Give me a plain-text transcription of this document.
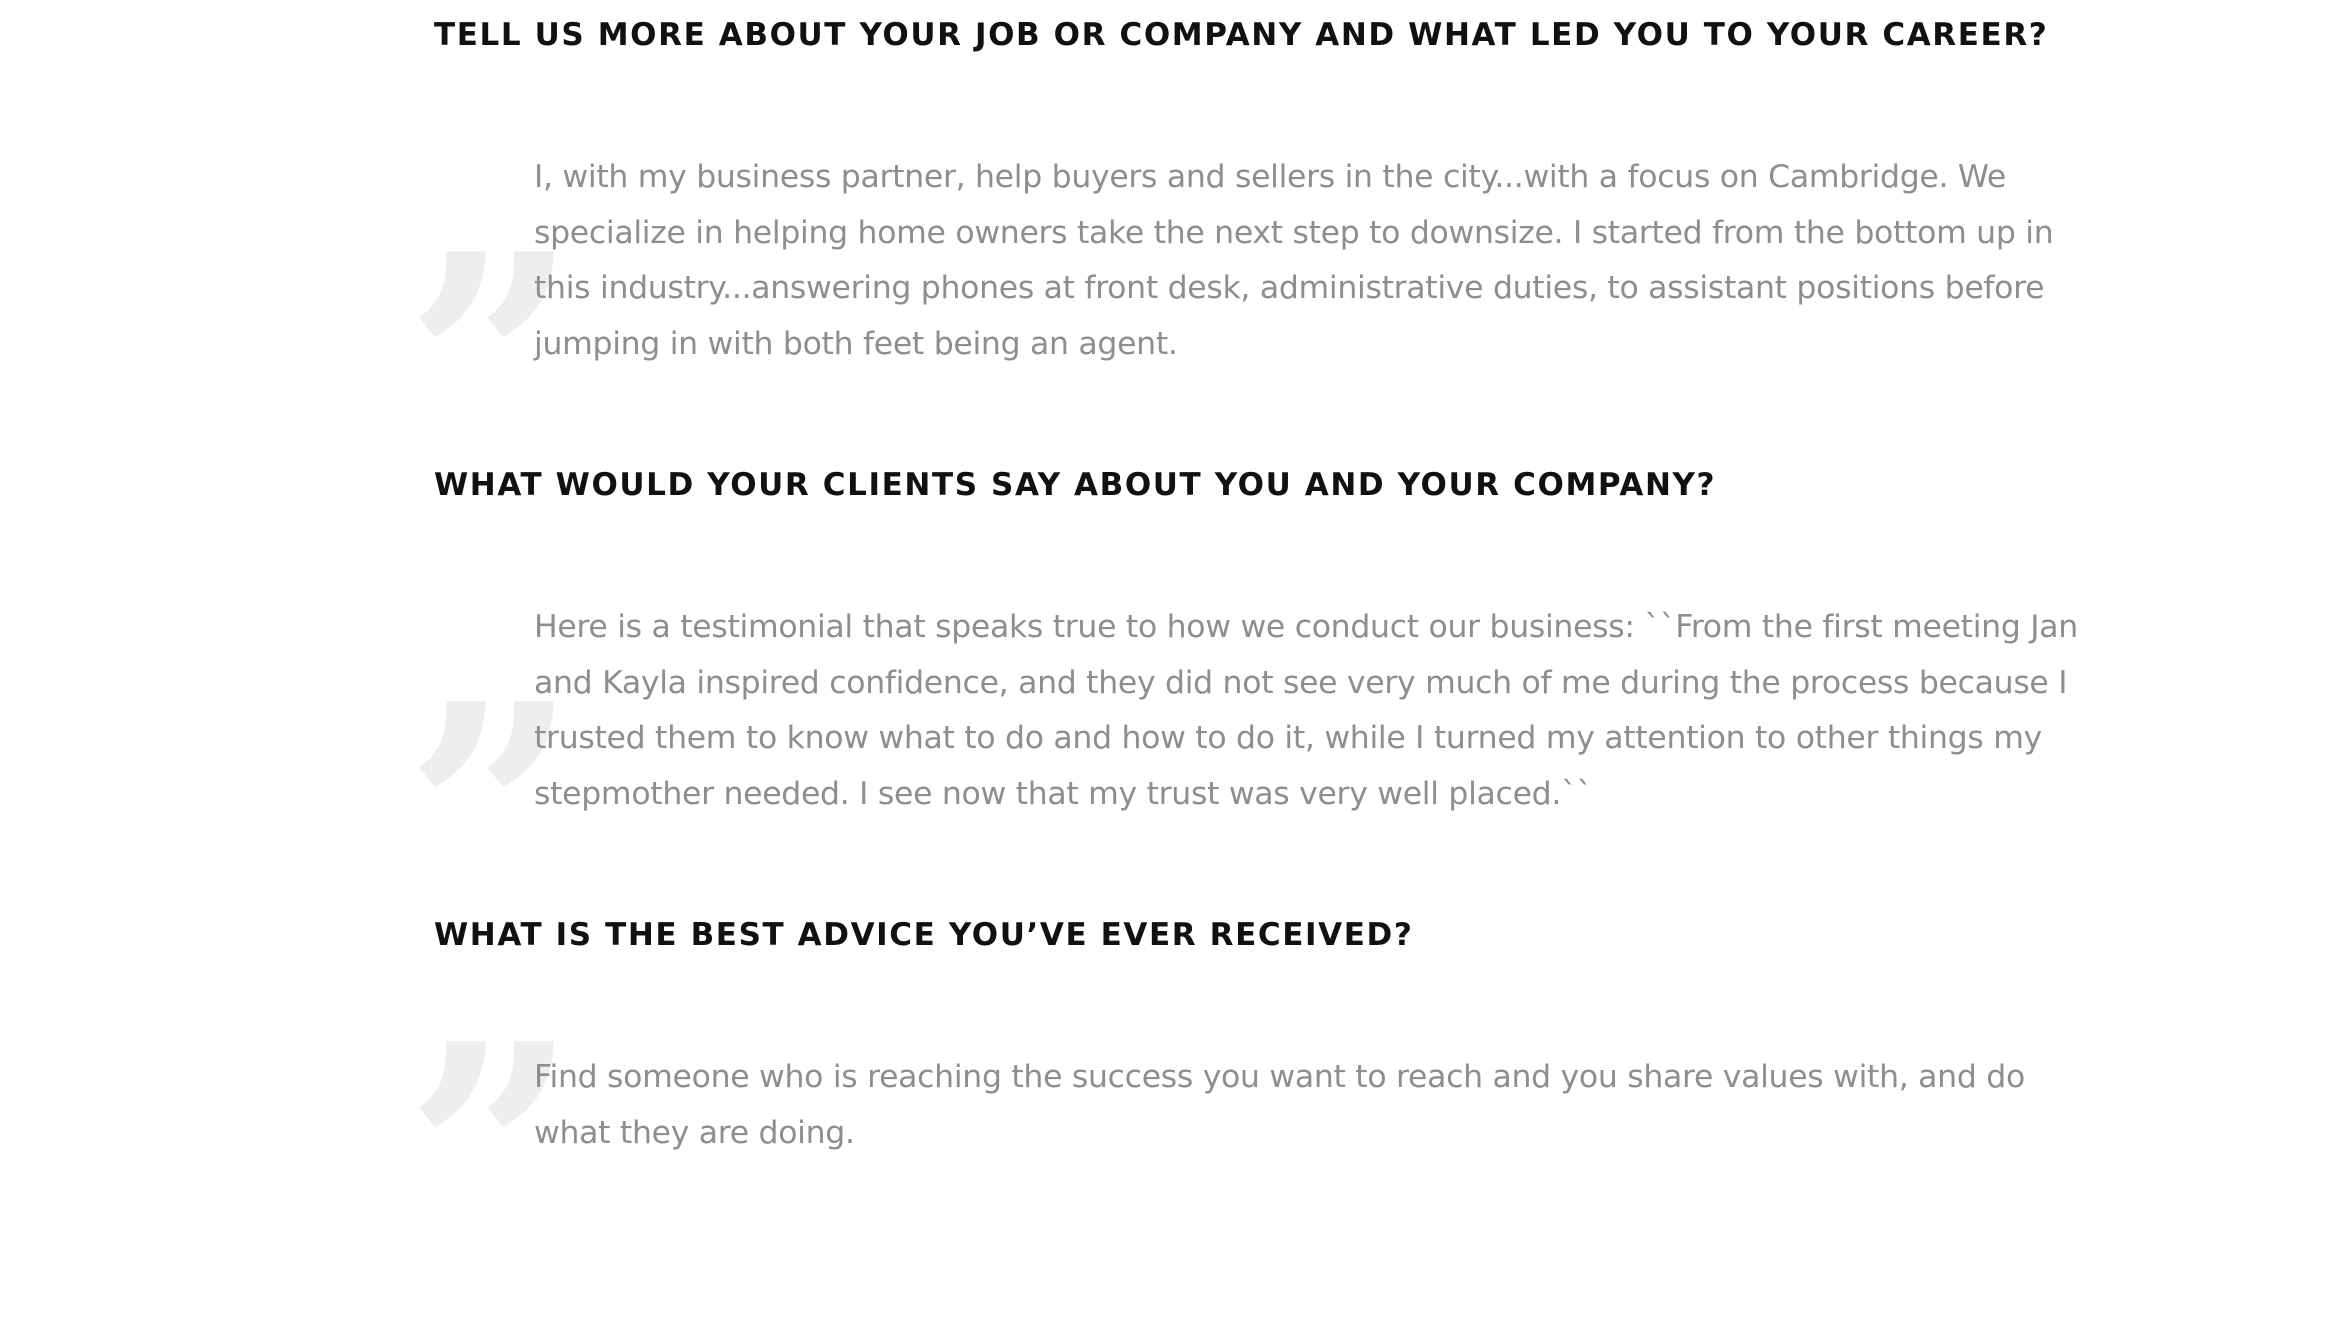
TELL US MORE ABOUT YOUR JOB OR COMPANY AND WHAT LED YOU TO YOUR CAREER?
”

I, with my business partner, help buyers and sellers in the city...with a focus on Cambridge. We specialize in helping home owners take the next step to downsize. I started from the bottom up in this industry...answering phones at front desk, administrative duties, to assistant positions before jumping in with both feet being an agent.

WHAT WOULD YOUR CLIENTS SAY ABOUT YOU AND YOUR COMPANY?
”

Here is a testimonial that speaks true to how we conduct our business: ``From the first meeting Jan and Kayla inspired confidence, and they did not see very much of me during the process because I trusted them to know what to do and how to do it, while I turned my attention to other things my stepmother needed. I see now that my trust was very well placed.``

WHAT IS THE BEST ADVICE YOU’VE EVER RECEIVED?
”

Find someone who is reaching the success you want to reach and you share values with, and do what they are doing.
